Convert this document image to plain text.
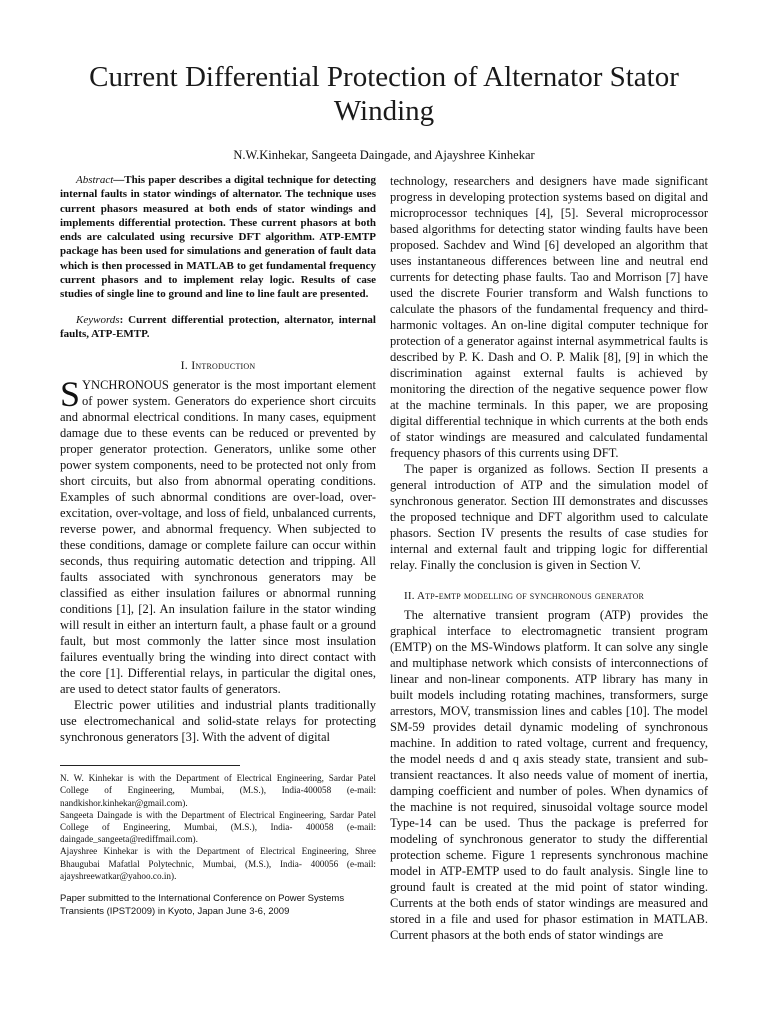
Current Differential Protection of Alternator Stator Winding
N.W.Kinhekar, Sangeeta Daingade, and Ajayshree Kinhekar

Abstract—This paper describes a digital technique for detecting internal faults in stator windings of alternator. The technique uses current phasors measured at both ends of stator windings and implements differential protection. These current phasors at both ends are calculated using recursive DFT algorithm. ATP-EMTP package has been used for simulations and generation of fault data which is then processed in MATLAB to get fundamental frequency current phasors and to implement relay logic. Results of case studies of single line to ground and line to line fault are presented.

Keywords: Current differential protection, alternator, internal faults, ATP-EMTP.

I. Introduction

SYNCHRONOUS generator is the most important element of power system. Generators do experience short circuits and abnormal electrical conditions. In many cases, equipment damage due to these events can be reduced or prevented by proper generator protection. Generators, unlike some other power system components, need to be protected not only from short circuits, but also from abnormal operating conditions. Examples of such abnormal conditions are over-load, over-excitation, over-voltage, and loss of field, unbalanced currents, reverse power, and abnormal frequency. When subjected to these conditions, damage or complete failure can occur within seconds, thus requiring automatic detection and tripping. All faults associated with synchronous generators may be classified as either insulation failures or abnormal running conditions [1], [2]. An insulation failure in the stator winding will result in either an interturn fault, a phase fault or a ground fault, but most commonly the latter since most insulation failures eventually bring the winding into direct contact with the core [1]. Differential relays, in particular the digital ones, are used to detect stator faults of generators.

Electric power utilities and industrial plants traditionally use electromechanical and solid-state relays for protecting synchronous generators [3]. With the advent of digital

N. W. Kinhekar is with the Department of Electrical Engineering, Sardar Patel College of Engineering, Mumbai, (M.S.), India-400058 (e-mail: nandkishor.kinhekar@gmail.com).

Sangeeta Daingade is with the Department of Electrical Engineering, Sardar Patel College of Engineering, Mumbai, (M.S.), India- 400058 (e-mail: daingade_sangeeta@rediffmail.com).

Ajayshree Kinhekar is with the Department of Electrical Engineering, Shree Bhaugubai Mafatlal Polytechnic, Mumbai, (M.S.), India- 400056 (e-mail: ajayshreewatkar@yahoo.co.in).

Paper submitted to the International Conference on Power Systems Transients (IPST2009) in Kyoto, Japan June 3-6, 2009

technology, researchers and designers have made significant progress in developing protection systems based on digital and microprocessor techniques [4], [5]. Several microprocessor based algorithms for detecting stator winding faults have been proposed. Sachdev and Wind [6] developed an algorithm that uses instantaneous differences between line and neutral end currents for detecting phase faults. Tao and Morrison [7] have used the discrete Fourier transform and Walsh functions to calculate the phasors of the fundamental frequency and third-harmonic voltages. An on-line digital computer technique for protection of a generator against internal asymmetrical faults is described by P. K. Dash and O. P. Malik [8], [9] in which the discrimination against external faults is achieved by monitoring the direction of the negative sequence power flow at the machine terminals. In this paper, we are proposing digital differential technique in which currents at the both ends of stator windings are measured and calculated fundamental frequency phasors of this currents using DFT.

The paper is organized as follows. Section II presents a general introduction of ATP and the simulation model of synchronous generator. Section III demonstrates and discusses the proposed technique and DFT algorithm used to calculate phasors. Section IV presents the results of case studies for internal and external fault and tripping logic for differential relay. Finally the conclusion is given in Section V.

II. Atp-emtp modelling of synchronous generator

The alternative transient program (ATP) provides the graphical interface to electromagnetic transient program (EMTP) on the MS-Windows platform. It can solve any single and multiphase network which consists of interconnections of linear and non-linear components. ATP library has many in built models including rotating machines, transformers, surge arrestors, MOV, transmission lines and cables [10]. The model SM-59 provides detail dynamic modeling of synchronous machine. In addition to rated voltage, current and frequency, the model needs d and q axis steady state, transient and sub-transient reactances. It also needs value of moment of inertia, damping coefficient and number of poles. When dynamics of the machine is not required, sinusoidal voltage source model Type-14 can be used. Thus the package is preferred for modeling of synchronous generator to study the differential protection scheme. Figure 1 represents synchronous machine model in ATP-EMTP used to do fault analysis. Single line to ground fault is created at the mid point of stator winding. Currents at the both ends of stator windings are measured and stored in a file and used for phasor estimation in MATLAB. Current phasors at the both ends of stator windings are
